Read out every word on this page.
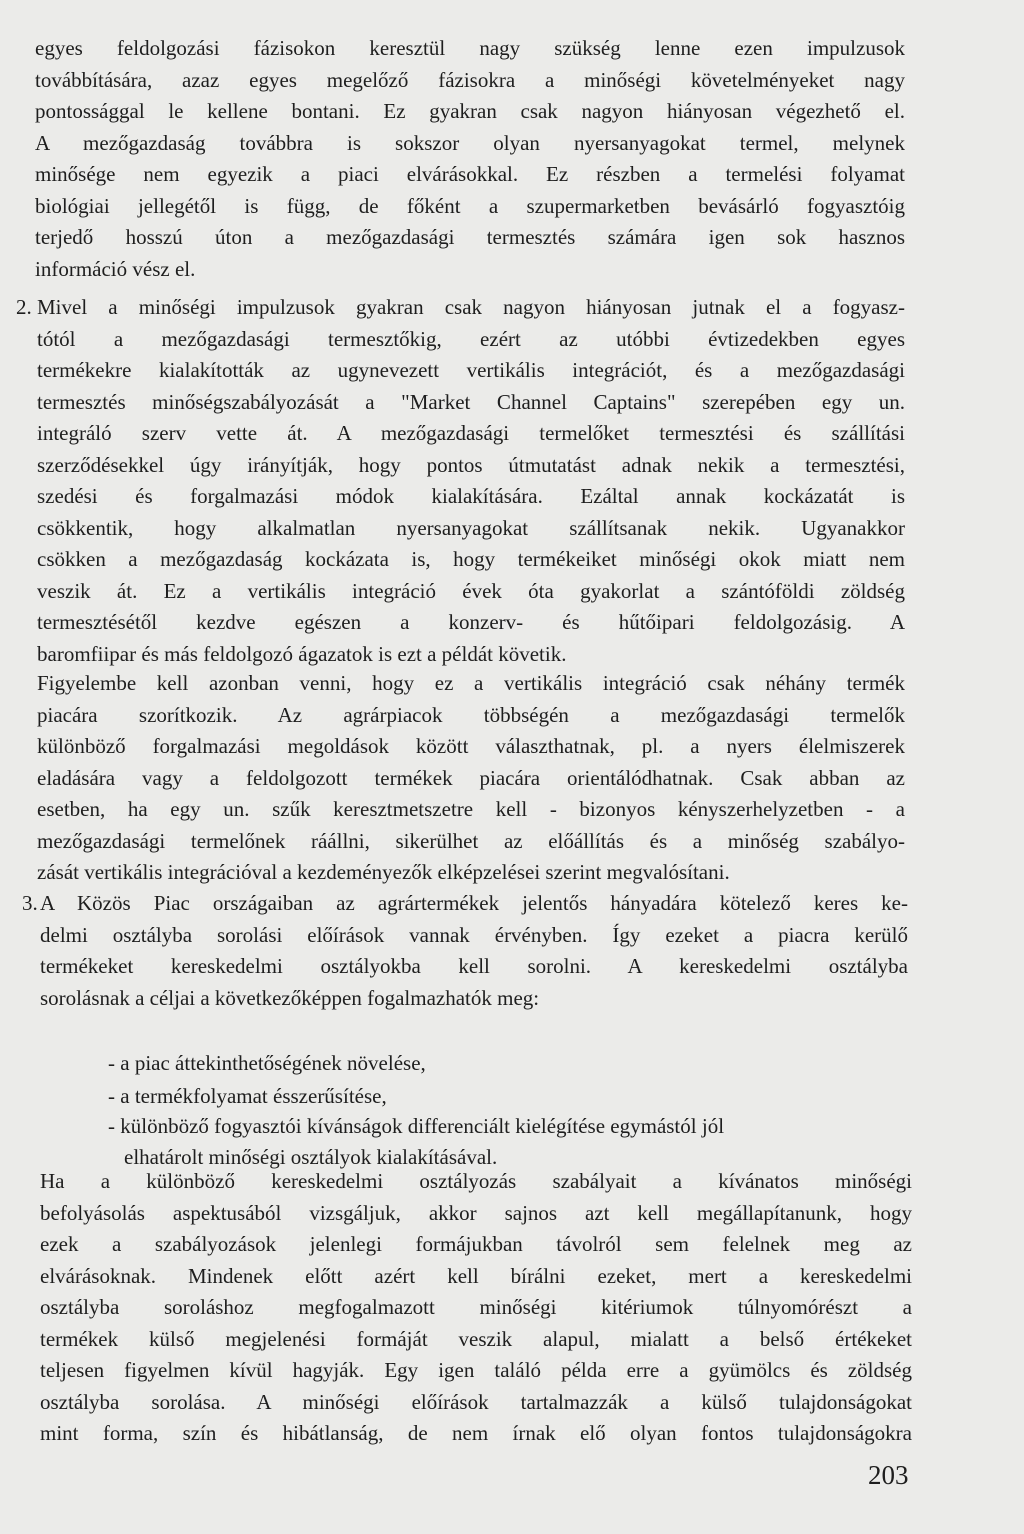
egyes feldolgozási fázisokon keresztül nagy szükség lenne ezen impulzusok
továbbítására, azaz egyes megelőző fázisokra a minőségi követelményeket nagy
pontossággal le kellene bontani. Ez gyakran csak nagyon hiányosan végezhető el.
A mezőgazdaság továbbra is sokszor olyan nyersanyagokat termel, melynek
minősége nem egyezik a piaci elvárásokkal. Ez részben a termelési folyamat
biológiai jellegétől is függ, de főként a szupermarketben bevásárló fogyasztóig
terjedő hosszú úton a mezőgazdasági termesztés számára igen sok hasznos
információ vész el.
2. Mivel a minőségi impulzusok gyakran csak nagyon hiányosan jutnak el a fogyasz-
tótól a mezőgazdasági termesztőkig, ezért az utóbbi évtizedekben egyes
termékekre kialakították az ugynevezett vertikális integrációt, és a mezőgazdasági
termesztés minőségszabályozását a "Market Channel Captains" szerepében egy un.
integráló szerv vette át. A mezőgazdasági termelőket termesztési és szállítási
szerződésekkel úgy irányítják, hogy pontos útmutatást adnak nekik a termesztési,
szedési és forgalmazási módok kialakítására. Ezáltal annak kockázatát is
csökkentik, hogy alkalmatlan nyersanyagokat szállítsanak nekik. Ugyanakkor
csökken a mezőgazdaság kockázata is, hogy termékeiket minőségi okok miatt nem
veszik át. Ez a vertikális integráció évek óta gyakorlat a szántóföldi zöldség
termesztésétől kezdve egészen a konzerv- és hűtőipari feldolgozásig. A
baromfiipar és más feldolgozó ágazatok is ezt a példát követik.
Figyelembe kell azonban venni, hogy ez a vertikális integráció csak néhány termék
piacára szorítkozik. Az agrárpiacok többségén a mezőgazdasági termelők
különböző forgalmazási megoldások között választhatnak, pl. a nyers élelmiszerek
eladására vagy a feldolgozott termékek piacára orientálódhatnak. Csak abban az
esetben, ha egy un. szűk keresztmetszetre kell - bizonyos kényszerhelyzetben - a
mezőgazdasági termelőnek ráállni, sikerülhet az előállítás és a minőség szabályo-
zását vertikális integrációval a kezdeményezők elképzelései szerint megvalósítani.
3. A Közös Piac országaiban az agrártermékek jelentős hányadára kötelező keres ke-
delmi osztályba sorolási előírások vannak érvényben. Így ezeket a piacra kerülő
termékeket kereskedelmi osztályokba kell sorolni. A kereskedelmi osztályba
sorolásnak a céljai a következőképpen fogalmazhatók meg:
- a piac áttekinthetőségének növelése,
- a termékfolyamat ésszerűsítése,
- különböző fogyasztói kívánságok differenciált kielégítése egymástól jól
elhatárolt minőségi osztályok kialakításával.
Ha a különböző kereskedelmi osztályozás szabályait a kívánatos minőségi
befolyásolás aspektusából vizsgáljuk, akkor sajnos azt kell megállapítanunk, hogy
ezek a szabályozások jelenlegi formájukban távolról sem felelnek meg az
elvárásoknak. Mindenek előtt azért kell bírálni ezeket, mert a kereskedelmi
osztályba soroláshoz megfogalmazott minőségi kitériumok túlnyomórészt a
termékek külső megjelenési formáját veszik alapul, mialatt a belső értékeket
teljesen figyelmen kívül hagyják. Egy igen találó példa erre a gyümölcs és zöldség
osztályba sorolása. A minőségi előírások tartalmazzák a külső tulajdonságokat
mint forma, szín és hibátlanság, de nem írnak elő olyan fontos tulajdonságokra
203
